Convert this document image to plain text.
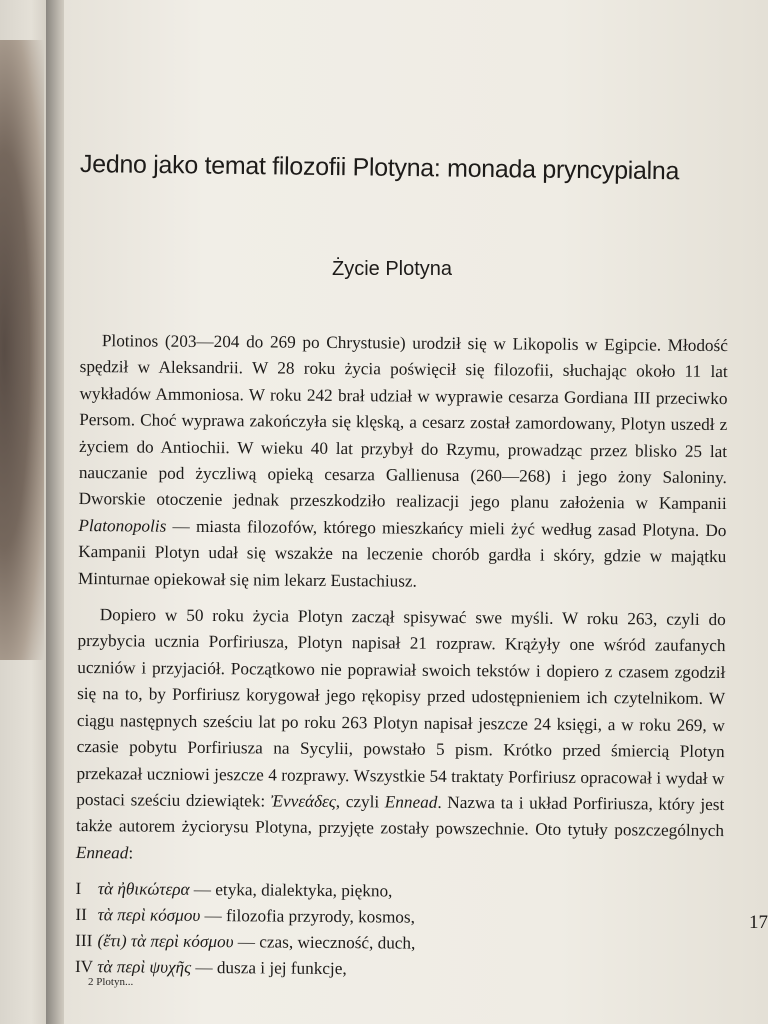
Jedno jako temat filozofii Plotyna: monada pryncypialna
Życie Plotyna

Plotinos (203—204 do 269 po Chrystusie) urodził się w Likopolis w Egipcie. Młodość spędził w Aleksandrii. W 28 roku życia poświęcił się filozofii, słuchając około 11 lat wykładów Ammoniosa. W roku 242 brał udział w wyprawie cesarza Gordiana III przeciwko Persom. Choć wyprawa zakończyła się klęską, a cesarz został zamordowany, Plotyn uszedł z życiem do Antiochii. W wieku 40 lat przybył do Rzymu, prowadząc przez blisko 25 lat nauczanie pod życzliwą opieką cesarza Gallienusa (260—268) i jego żony Saloniny. Dworskie otoczenie jednak przeszkodziło realizacji jego planu założenia w Kampanii Platonopolis — miasta filozofów, którego mieszkańcy mieli żyć według zasad Plotyna. Do Kampanii Plotyn udał się wszakże na leczenie chorób gardła i skóry, gdzie w majątku Minturnae opiekował się nim lekarz Eustachiusz.

Dopiero w 50 roku życia Plotyn zaczął spisywać swe myśli. W roku 263, czyli do przybycia ucznia Porfiriusza, Plotyn napisał 21 rozpraw. Krążyły one wśród zaufanych uczniów i przyjaciół. Początkowo nie poprawiał swoich tekstów i dopiero z czasem zgodził się na to, by Porfiriusz korygował jego rękopisy przed udostępnieniem ich czytelnikom. W ciągu następnych sześciu lat po roku 263 Plotyn napisał jeszcze 24 księgi, a w roku 269, w czasie pobytu Porfiriusza na Sycylii, powstało 5 pism. Krótko przed śmiercią Plotyn przekazał uczniowi jeszcze 4 rozprawy. Wszystkie 54 traktaty Porfiriusz opracował i wydał w postaci sześciu dziewiątek: Ἐννεάδες, czyli Ennead. Nazwa ta i układ Porfiriusza, który jest także autorem życiorysu Plotyna, przyjęte zostały powszechnie. Oto tytuły poszczególnych Ennead:

I τὰ ἠθικώτερα — etyka, dialektyka, piękno,
II τὰ περὶ κόσμου — filozofia przyrody, kosmos,
III (ἔτι) τὰ περὶ κόσμου — czas, wieczność, duch,
IV τὰ περὶ ψυχῆς — dusza i jej funkcje,
2 Plotyn...
17
